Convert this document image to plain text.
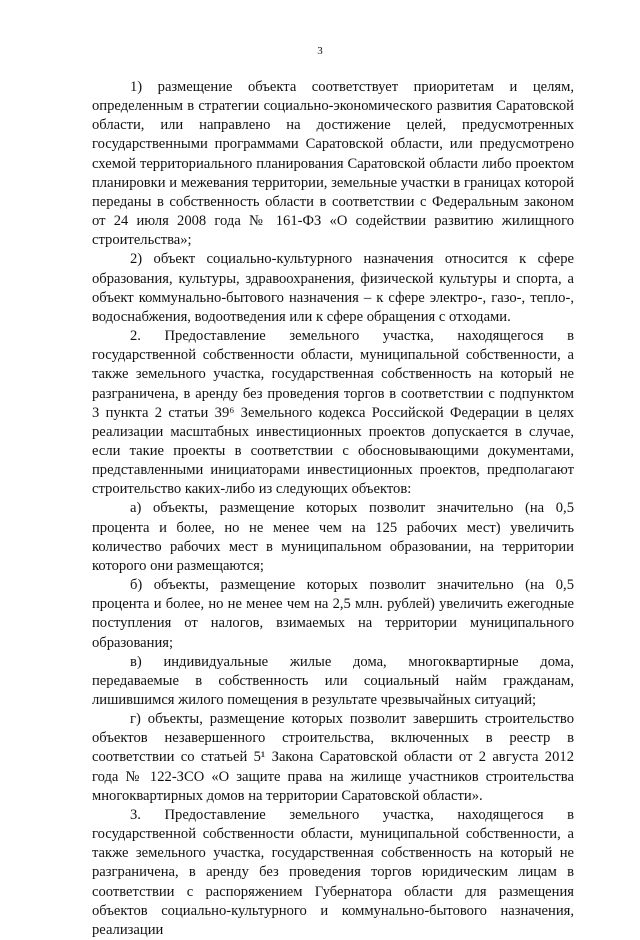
3

1) размещение объекта соответствует приоритетам и целям, определенным в стратегии социально-экономического развития Саратовской области, или направлено на достижение целей, предусмотренных государственными программами Саратовской области, или предусмотрено схемой территориального планирования Саратовской области либо проектом планировки и межевания территории, земельные участки в границах которой переданы в собственность области в соответствии с Федеральным законом от 24 июля 2008 года № 161-ФЗ «О содействии развитию жилищного строительства»;

2) объект социально-культурного назначения относится к сфере образования, культуры, здравоохранения, физической культуры и спорта, а объект коммунально-бытового назначения – к сфере электро-, газо-, тепло-, водоснабжения, водоотведения или к сфере обращения с отходами.

2. Предоставление земельного участка, находящегося в государственной собственности области, муниципальной собственности, а также земельного участка, государственная собственность на который не разграничена, в аренду без проведения торгов в соответствии с подпунктом 3 пункта 2 статьи 39⁶ Земельного кодекса Российской Федерации в целях реализации масштабных инвестиционных проектов допускается в случае, если такие проекты в соответствии с обосновывающими документами, представленными инициаторами инвестиционных проектов, предполагают строительство каких-либо из следующих объектов:

а) объекты, размещение которых позволит значительно (на 0,5 процента и более, но не менее чем на 125 рабочих мест) увеличить количество рабочих мест в муниципальном образовании, на территории которого они размещаются;

б) объекты, размещение которых позволит значительно (на 0,5 процента и более, но не менее чем на 2,5 млн. рублей) увеличить ежегодные поступления от налогов, взимаемых на территории муниципального образования;

в) индивидуальные жилые дома, многоквартирные дома, передаваемые в собственность или социальный найм гражданам, лишившимся жилого помещения в результате чрезвычайных ситуаций;

г) объекты, размещение которых позволит завершить строительство объектов незавершенного строительства, включенных в реестр в соответствии со статьей 5¹ Закона Саратовской области от 2 августа 2012 года № 122-ЗСО «О защите права на жилище участников строительства многоквартирных домов на территории Саратовской области».

3. Предоставление земельного участка, находящегося в государственной собственности области, муниципальной собственности, а также земельного участка, государственная собственность на который не разграничена, в аренду без проведения торгов юридическим лицам в соответствии с распоряжением Губернатора области для размещения объектов социально-культурного и коммунально-бытового назначения, реализации
